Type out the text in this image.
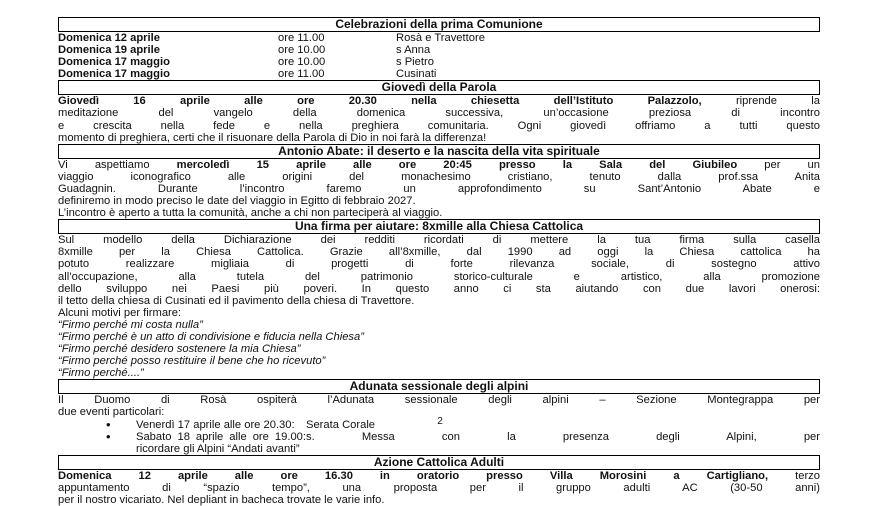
Celebrazioni della prima Comunione
Domenica 12 aprile	ore 11.00	Rosà e Travettore
Domenica 19 aprile	ore 10.00	s Anna
Domenica 17 maggio	ore 10.00	s Pietro
Domenica 17 maggio	ore 11.00	Cusinati
Giovedì della Parola
Giovedì 16 aprile alle ore 20.30 nella chiesetta dell’Istituto Palazzolo, riprende la
meditazione del vangelo della domenica successiva, un’occasione preziosa di incontro
e crescita nella fede e nella preghiera comunitaria. Ogni giovedì offriamo a tutti questo
momento di preghiera, certi che il risuonare della Parola di Dio in noi farà la differenza!
Antonio Abate: il deserto e la nascita della vita spirituale
Vi aspettiamo mercoledì 15 aprile alle ore 20:45 presso la Sala del Giubileo per un
viaggio iconografico alle origini del monachesimo cristiano, tenuto dalla prof.ssa Anita
Guadagnin. Durante l’incontro faremo un approfondimento su Sant’Antonio Abate e
definiremo in modo preciso le date del viaggio in Egitto di febbraio 2027.
L’incontro è aperto a tutta la comunità, anche a chi non parteciperà al viaggio.
Una firma per aiutare: 8xmille alla Chiesa Cattolica
Sul modello della Dichiarazione dei redditi ricordati di mettere la tua firma sulla casella
8xmille per la Chiesa Cattolica. Grazie all’8xmille, dal 1990 ad oggi la Chiesa cattolica ha
potuto realizzare migliaia di progetti di forte rilevanza sociale, di sostegno attivo
all’occupazione, alla tutela del patrimonio storico-culturale e artistico, alla promozione
dello sviluppo nei Paesi più poveri. In questo anno ci sta aiutando con due lavori onerosi:
il tetto della chiesa di Cusinati ed il pavimento della chiesa di Travettore.
Alcuni motivi per firmare:
“Firmo perché mi costa nulla”
“Firmo perché è un atto di condivisione e fiducia nella Chiesa”
“Firmo perché desidero sostenere la mia Chiesa”
“Firmo perché posso restituire il bene che ho ricevuto”
“Firmo perché....”
Adunata sessionale degli alpini
Il Duomo di Rosà ospiterà l’Adunata sessionale degli alpini – Sezione Montegrappa per
due eventi particolari:
• Venerdì 17 aprile alle ore 20.30: Serata Corale
• Sabato 18 aprile alle ore 19.00:s. Messa con la presenza degli Alpini, per
ricordare gli Alpini “Andati avanti”
Azione Cattolica Adulti
Domenica 12 aprile alle ore 16.30 in oratorio presso Villa Morosini a Cartigliano, terzo
appuntamento di “spazio tempo”, una proposta per il gruppo adulti AC (30-50 anni)
per il nostro vicariato. Nel depliant in bacheca trovate le varie info.
2
